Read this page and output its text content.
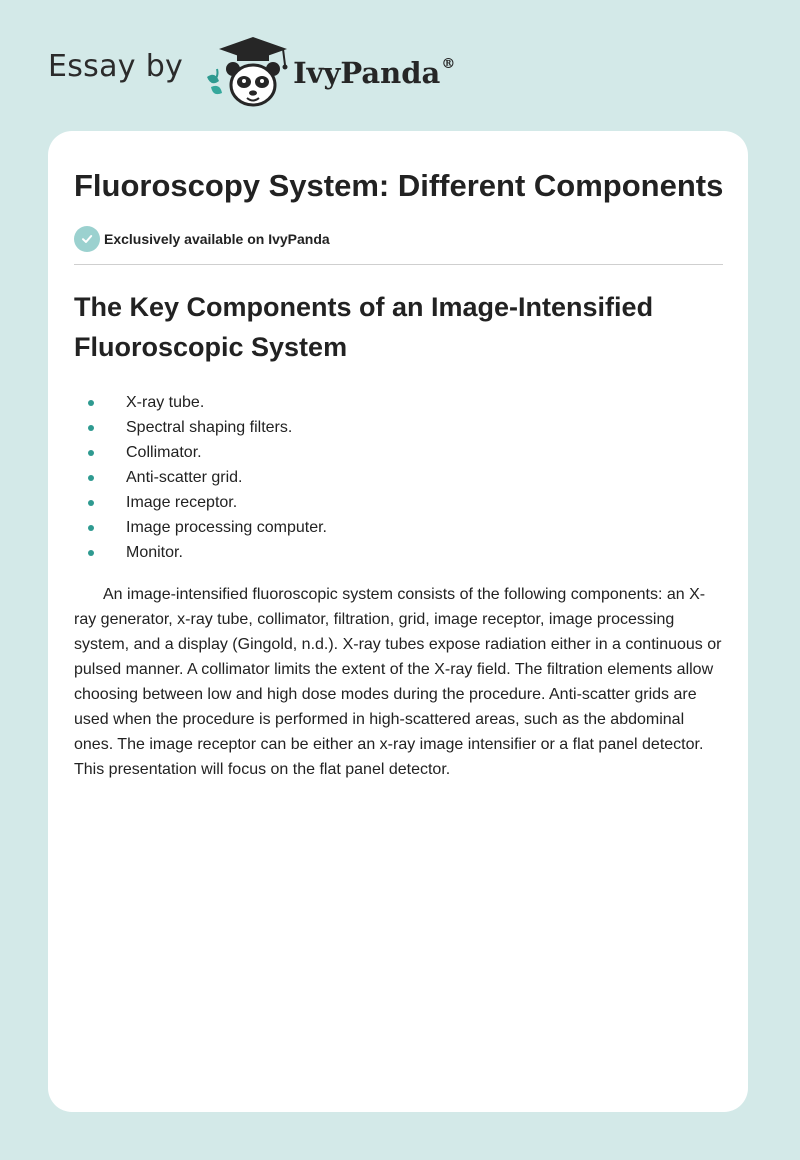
Essay by	IvyPanda®
Fluoroscopy System: Different Components
Exclusively available on IvyPanda
The Key Components of an Image-Intensified Fluoroscopic System
X-ray tube.
Spectral shaping filters.
Collimator.
Anti-scatter grid.
Image receptor.
Image processing computer.
Monitor.

An image-intensified fluoroscopic system consists of the following components: an X-ray generator, x-ray tube, collimator, filtration, grid, image receptor, image processing system, and a display (Gingold, n.d.). X-ray tubes expose radiation either in a continuous or pulsed manner. A collimator limits the extent of the X-ray field. The filtration elements allow choosing between low and high dose modes during the procedure. Anti-scatter grids are used when the procedure is performed in high-scattered areas, such as the abdominal ones. The image receptor can be either an x-ray image intensifier or a flat panel detector. This presentation will focus on the flat panel detector.
